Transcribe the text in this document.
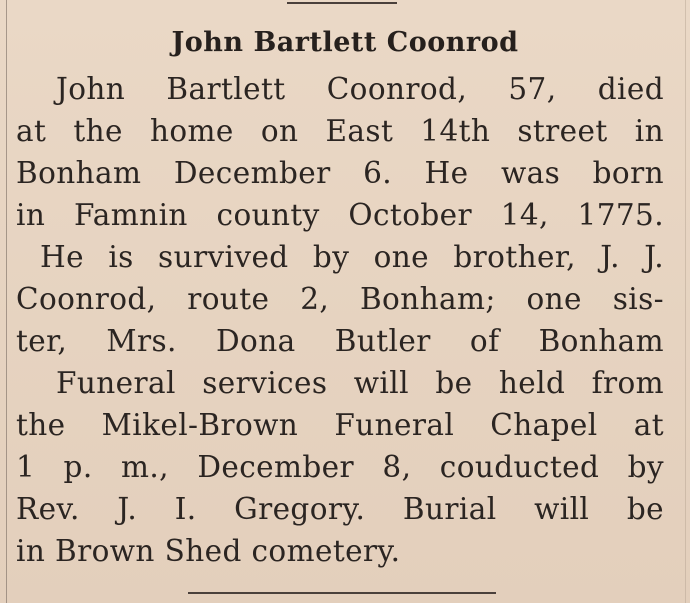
John Bartlett Coonrod
John Bartlett Coonrod, 57, died
at the home on East 14th street in
Bonham December 6. He was born
in Famnin county October 14, 1775.
He is survived by one brother, J. J.
Coonrod, route 2, Bonham; one sis-
ter, Mrs. Dona Butler of Bonham
Funeral services will be held from
the Mikel-Brown Funeral Chapel at
1 p. m., December 8, couducted by
Rev. J. I. Gregory. Burial will be
in Brown Shed cometery.
